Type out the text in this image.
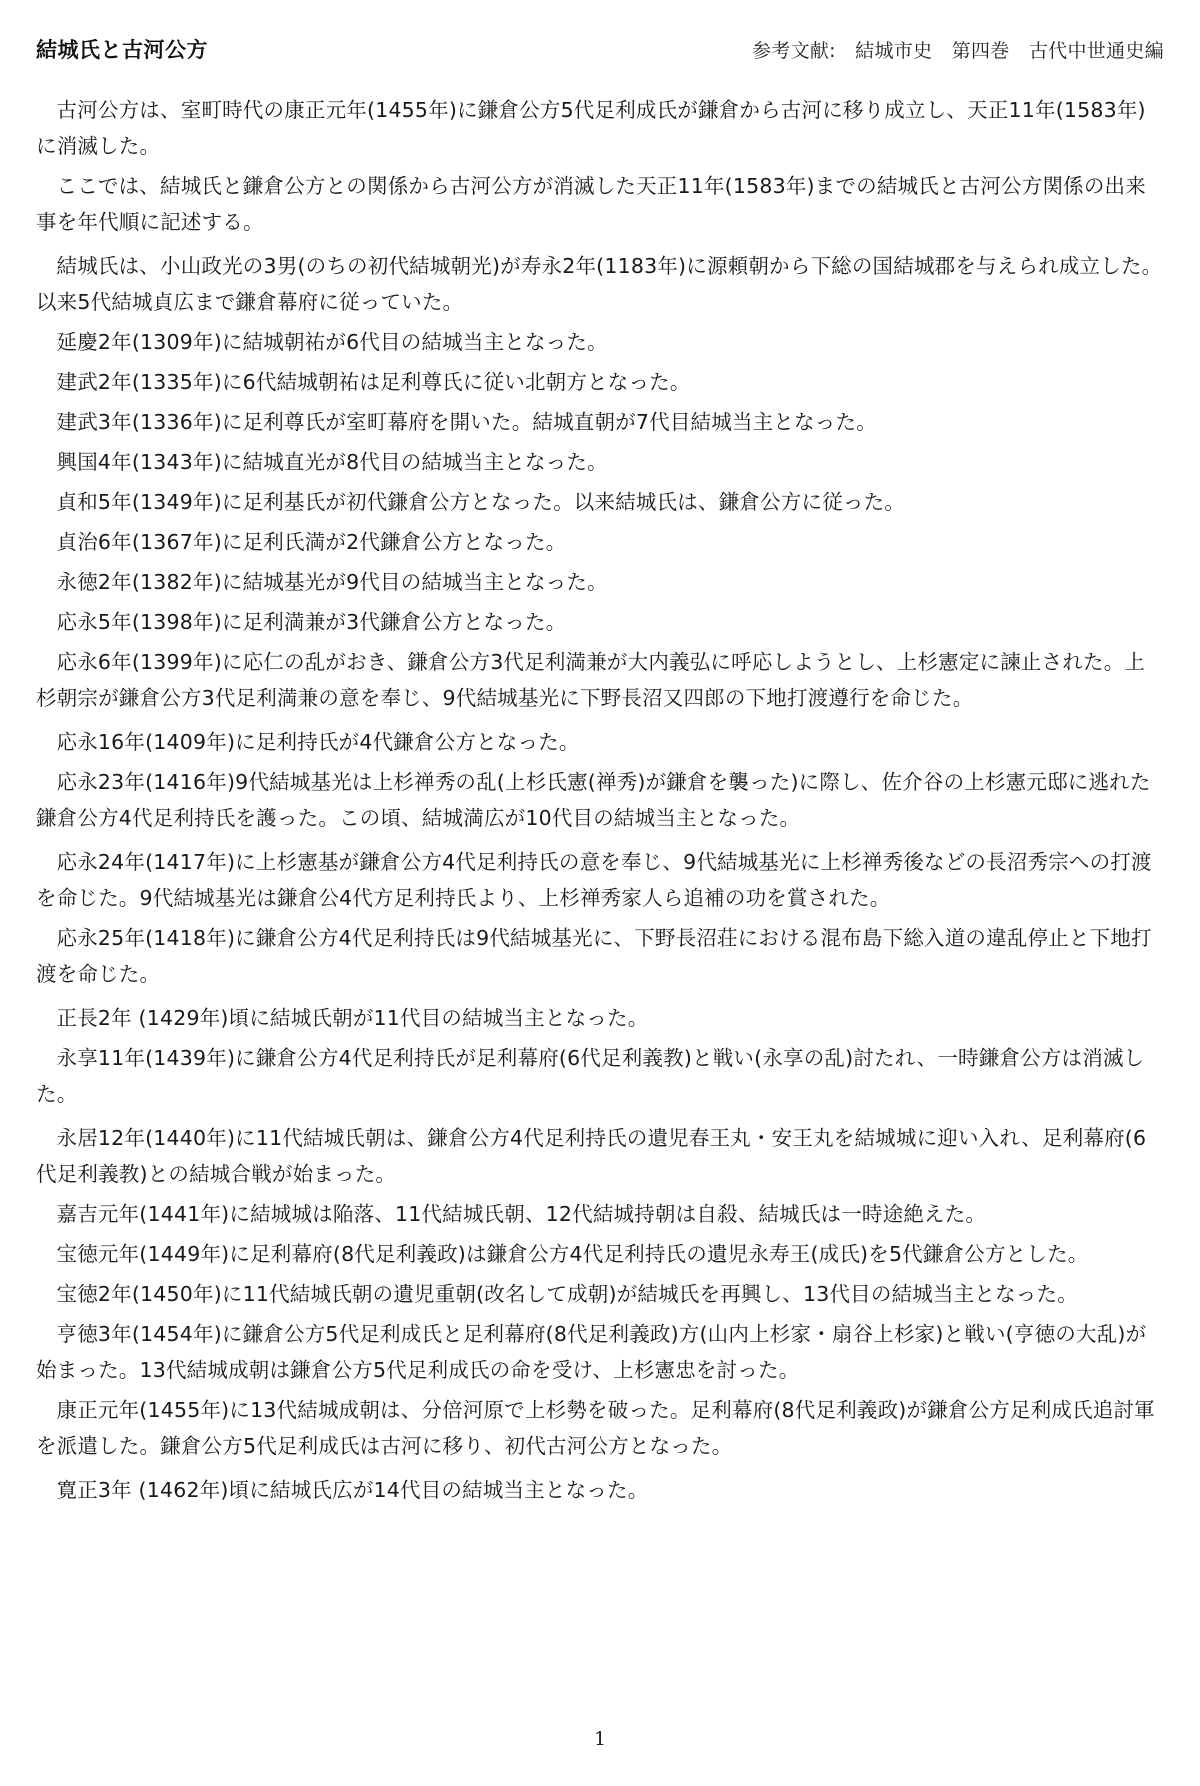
結城氏と古河公方	参考文献:　結城市史　第四巻　古代中世通史編

古河公方は、室町時代の康正元年(1455年)に鎌倉公方5代足利成氏が鎌倉から古河に移り成立し、天正11年(1583年)に消滅した。

ここでは、結城氏と鎌倉公方との関係から古河公方が消滅した天正11年(1583年)までの結城氏と古河公方関係の出来事を年代順に記述する。

結城氏は、小山政光の3男(のちの初代結城朝光)が寿永2年(1183年)に源頼朝から下総の国結城郡を与えられ成立した。以来5代結城貞広まで鎌倉幕府に従っていた。

延慶2年(1309年)に結城朝祐が6代目の結城当主となった。

建武2年(1335年)に6代結城朝祐は足利尊氏に従い北朝方となった。

建武3年(1336年)に足利尊氏が室町幕府を開いた。結城直朝が7代目結城当主となった。

興国4年(1343年)に結城直光が8代目の結城当主となった。

貞和5年(1349年)に足利基氏が初代鎌倉公方となった。以来結城氏は、鎌倉公方に従った。

貞治6年(1367年)に足利氏満が2代鎌倉公方となった。

永徳2年(1382年)に結城基光が9代目の結城当主となった。

応永5年(1398年)に足利満兼が3代鎌倉公方となった。

応永6年(1399年)に応仁の乱がおき、鎌倉公方3代足利満兼が大内義弘に呼応しようとし、上杉憲定に諫止された。上杉朝宗が鎌倉公方3代足利満兼の意を奉じ、9代結城基光に下野長沼又四郎の下地打渡遵行を命じた。

応永16年(1409年)に足利持氏が4代鎌倉公方となった。

応永23年(1416年)9代結城基光は上杉禅秀の乱(上杉氏憲(禅秀)が鎌倉を襲った)に際し、佐介谷の上杉憲元邸に逃れた鎌倉公方4代足利持氏を護った。この頃、結城満広が10代目の結城当主となった。

応永24年(1417年)に上杉憲基が鎌倉公方4代足利持氏の意を奉じ、9代結城基光に上杉禅秀後などの長沼秀宗への打渡を命じた。9代結城基光は鎌倉公4代方足利持氏より、上杉禅秀家人ら追補の功を賞された。

応永25年(1418年)に鎌倉公方4代足利持氏は9代結城基光に、下野長沼荘における混布島下総入道の違乱停止と下地打渡を命じた。

正長2年 (1429年)頃に結城氏朝が11代目の結城当主となった。

永享11年(1439年)に鎌倉公方4代足利持氏が足利幕府(6代足利義教)と戦い(永享の乱)討たれ、一時鎌倉公方は消滅した。

永居12年(1440年)に11代結城氏朝は、鎌倉公方4代足利持氏の遺児春王丸・安王丸を結城城に迎い入れ、足利幕府(6代足利義教)との結城合戦が始まった。

嘉吉元年(1441年)に結城城は陥落、11代結城氏朝、12代結城持朝は自殺、結城氏は一時途絶えた。

宝徳元年(1449年)に足利幕府(8代足利義政)は鎌倉公方4代足利持氏の遺児永寿王(成氏)を5代鎌倉公方とした。

宝徳2年(1450年)に11代結城氏朝の遺児重朝(改名して成朝)が結城氏を再興し、13代目の結城当主となった。

亨徳3年(1454年)に鎌倉公方5代足利成氏と足利幕府(8代足利義政)方(山内上杉家・扇谷上杉家)と戦い(亨徳の大乱)が始まった。13代結城成朝は鎌倉公方5代足利成氏の命を受け、上杉憲忠を討った。

康正元年(1455年)に13代結城成朝は、分倍河原で上杉勢を破った。足利幕府(8代足利義政)が鎌倉公方足利成氏追討軍を派遣した。鎌倉公方5代足利成氏は古河に移り、初代古河公方となった。

寛正3年 (1462年)頃に結城氏広が14代目の結城当主となった。

1
